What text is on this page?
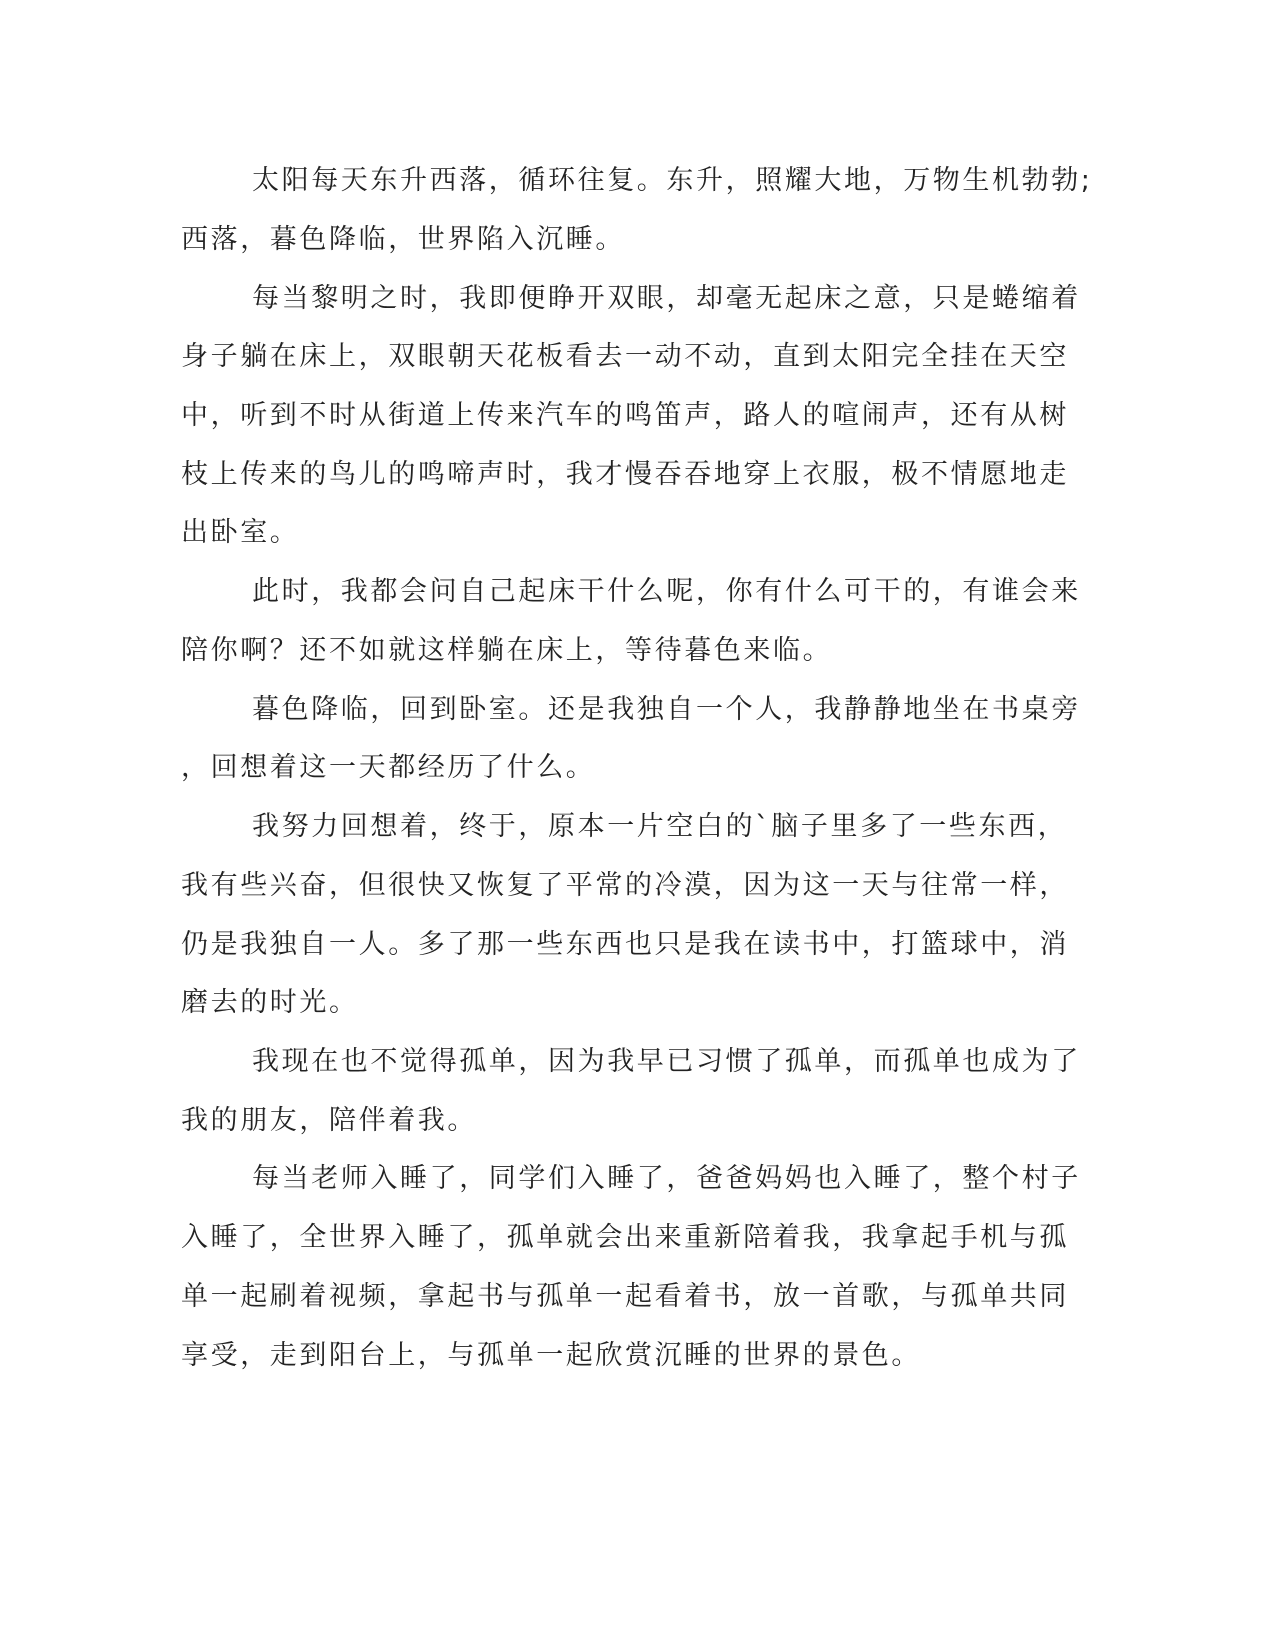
太阳每天东升西落，循环往复。东升，照耀大地，万物生机勃勃;
西落，暮色降临，世界陷入沉睡。
每当黎明之时，我即便睁开双眼，却毫无起床之意，只是蜷缩着
身子躺在床上，双眼朝天花板看去一动不动，直到太阳完全挂在天空
中，听到不时从街道上传来汽车的鸣笛声，路人的喧闹声，还有从树
枝上传来的鸟儿的鸣啼声时，我才慢吞吞地穿上衣服，极不情愿地走
出卧室。
此时，我都会问自己起床干什么呢，你有什么可干的，有谁会来
陪你啊？还不如就这样躺在床上，等待暮色来临。
暮色降临，回到卧室。还是我独自一个人，我静静地坐在书桌旁
，回想着这一天都经历了什么。
我努力回想着，终于，原本一片空白的`脑子里多了一些东西，
我有些兴奋，但很快又恢复了平常的冷漠，因为这一天与往常一样，
仍是我独自一人。多了那一些东西也只是我在读书中，打篮球中，消
磨去的时光。
我现在也不觉得孤单，因为我早已习惯了孤单，而孤单也成为了
我的朋友，陪伴着我。
每当老师入睡了，同学们入睡了，爸爸妈妈也入睡了，整个村子
入睡了，全世界入睡了，孤单就会出来重新陪着我，我拿起手机与孤
单一起刷着视频，拿起书与孤单一起看着书，放一首歌，与孤单共同
享受，走到阳台上，与孤单一起欣赏沉睡的世界的景色。
